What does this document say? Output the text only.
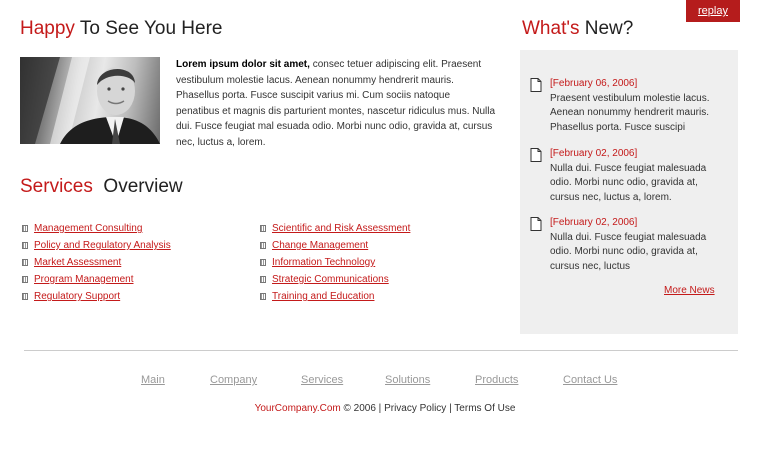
replay
Happy To See You Here

Lorem ipsum dolor sit amet, consec tetuer adipiscing elit. Praesent vestibulum molestie lacus. Aenean nonummy hendrerit mauris. Phasellus porta. Fusce suscipit varius mi. Cum sociis natoque penatibus et magnis dis parturient montes, nascetur ridiculus mus. Nulla dui. Fusce feugiat mal esuada odio. Morbi nunc odio, gravida at, cursus nec, luctus a, lorem.

Services Overview
Management Consulting
Policy and Regulatory Analysis
Market Assessment
Program Management
Regulatory Support
Scientific and Risk Assessment
Change Management
Information Technology
Strategic Communications
Training and Education
What's New?
[February 06, 2006]
Praesent vestibulum molestie lacus. Aenean nonummy hendrerit mauris. Phasellus porta. Fusce suscipi
[February 02, 2006]
Nulla dui. Fusce feugiat malesuada odio. Morbi nunc odio, gravida at, cursus nec, luctus a, lorem.
[February 02, 2006]
Nulla dui. Fusce feugiat malesuada odio. Morbi nunc odio, gravida at, cursus nec, luctus
More News
Main	Company	Services	Solutions	Products	Contact Us
YourCompany.Com © 2006 | Privacy Policy | Terms Of Use
